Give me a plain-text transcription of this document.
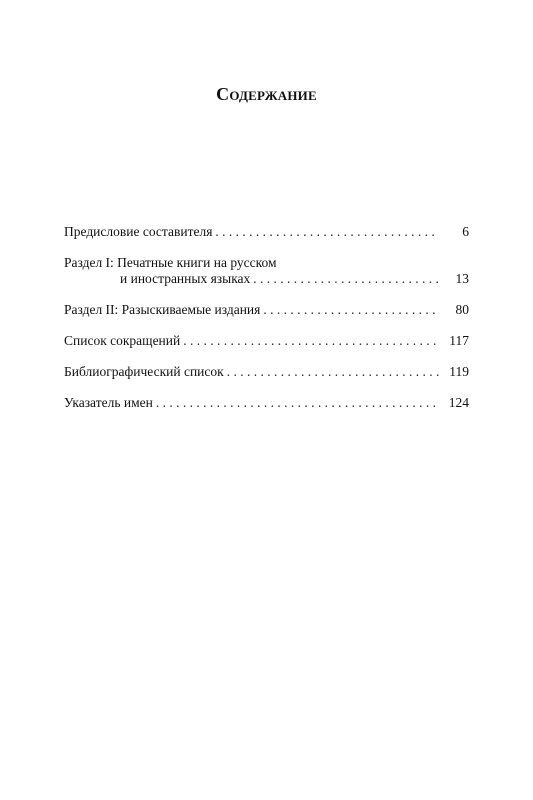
Содержание
Предисловие составителя . . .	6
Раздел I: Печатные книги на русском
и иностранных языках . . .	13
Раздел II: Разыскиваемые издания . . .	80
Список сокращений . . .	117
Библиографический список . . .	119
Указатель имен . . .	124
